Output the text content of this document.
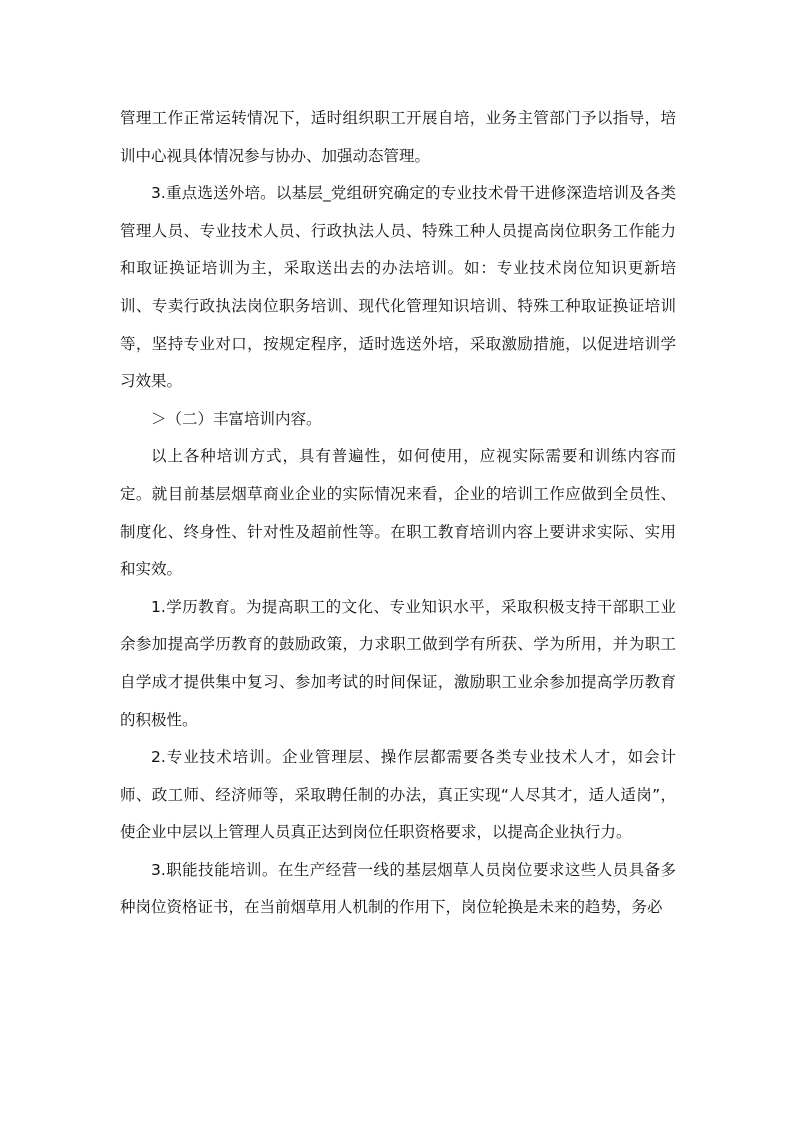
管理工作正常运转情况下，适时组织职工开展自培，业务主管部门予以指导，培训中心视具体情况参与协办、加强动态管理。

3.重点选送外培。以基层_党组研究确定的专业技术骨干进修深造培训及各类管理人员、专业技术人员、行政执法人员、特殊工种人员提高岗位职务工作能力和取证换证培训为主，采取送出去的办法培训。如：专业技术岗位知识更新培训、专卖行政执法岗位职务培训、现代化管理知识培训、特殊工种取证换证培训等，坚持专业对口，按规定程序，适时选送外培，采取激励措施，以促进培训学习效果。

＞（二）丰富培训内容。

以上各种培训方式，具有普遍性，如何使用，应视实际需要和训练内容而定。就目前基层烟草商业企业的实际情况来看，企业的培训工作应做到全员性、制度化、终身性、针对性及超前性等。在职工教育培训内容上要讲求实际、实用和实效。

1.学历教育。为提高职工的文化、专业知识水平，采取积极支持干部职工业余参加提高学历教育的鼓励政策，力求职工做到学有所获、学为所用，并为职工自学成才提供集中复习、参加考试的时间保证，激励职工业余参加提高学历教育的积极性。

2.专业技术培训。企业管理层、操作层都需要各类专业技术人才，如会计师、政工师、经济师等，采取聘任制的办法，真正实现“人尽其才，适人适岗”，使企业中层以上管理人员真正达到岗位任职资格要求，以提高企业执行力。

3.职能技能培训。在生产经营一线的基层烟草人员岗位要求这些人员具备多种岗位资格证书，在当前烟草用人机制的作用下，岗位轮换是未来的趋势，务必
